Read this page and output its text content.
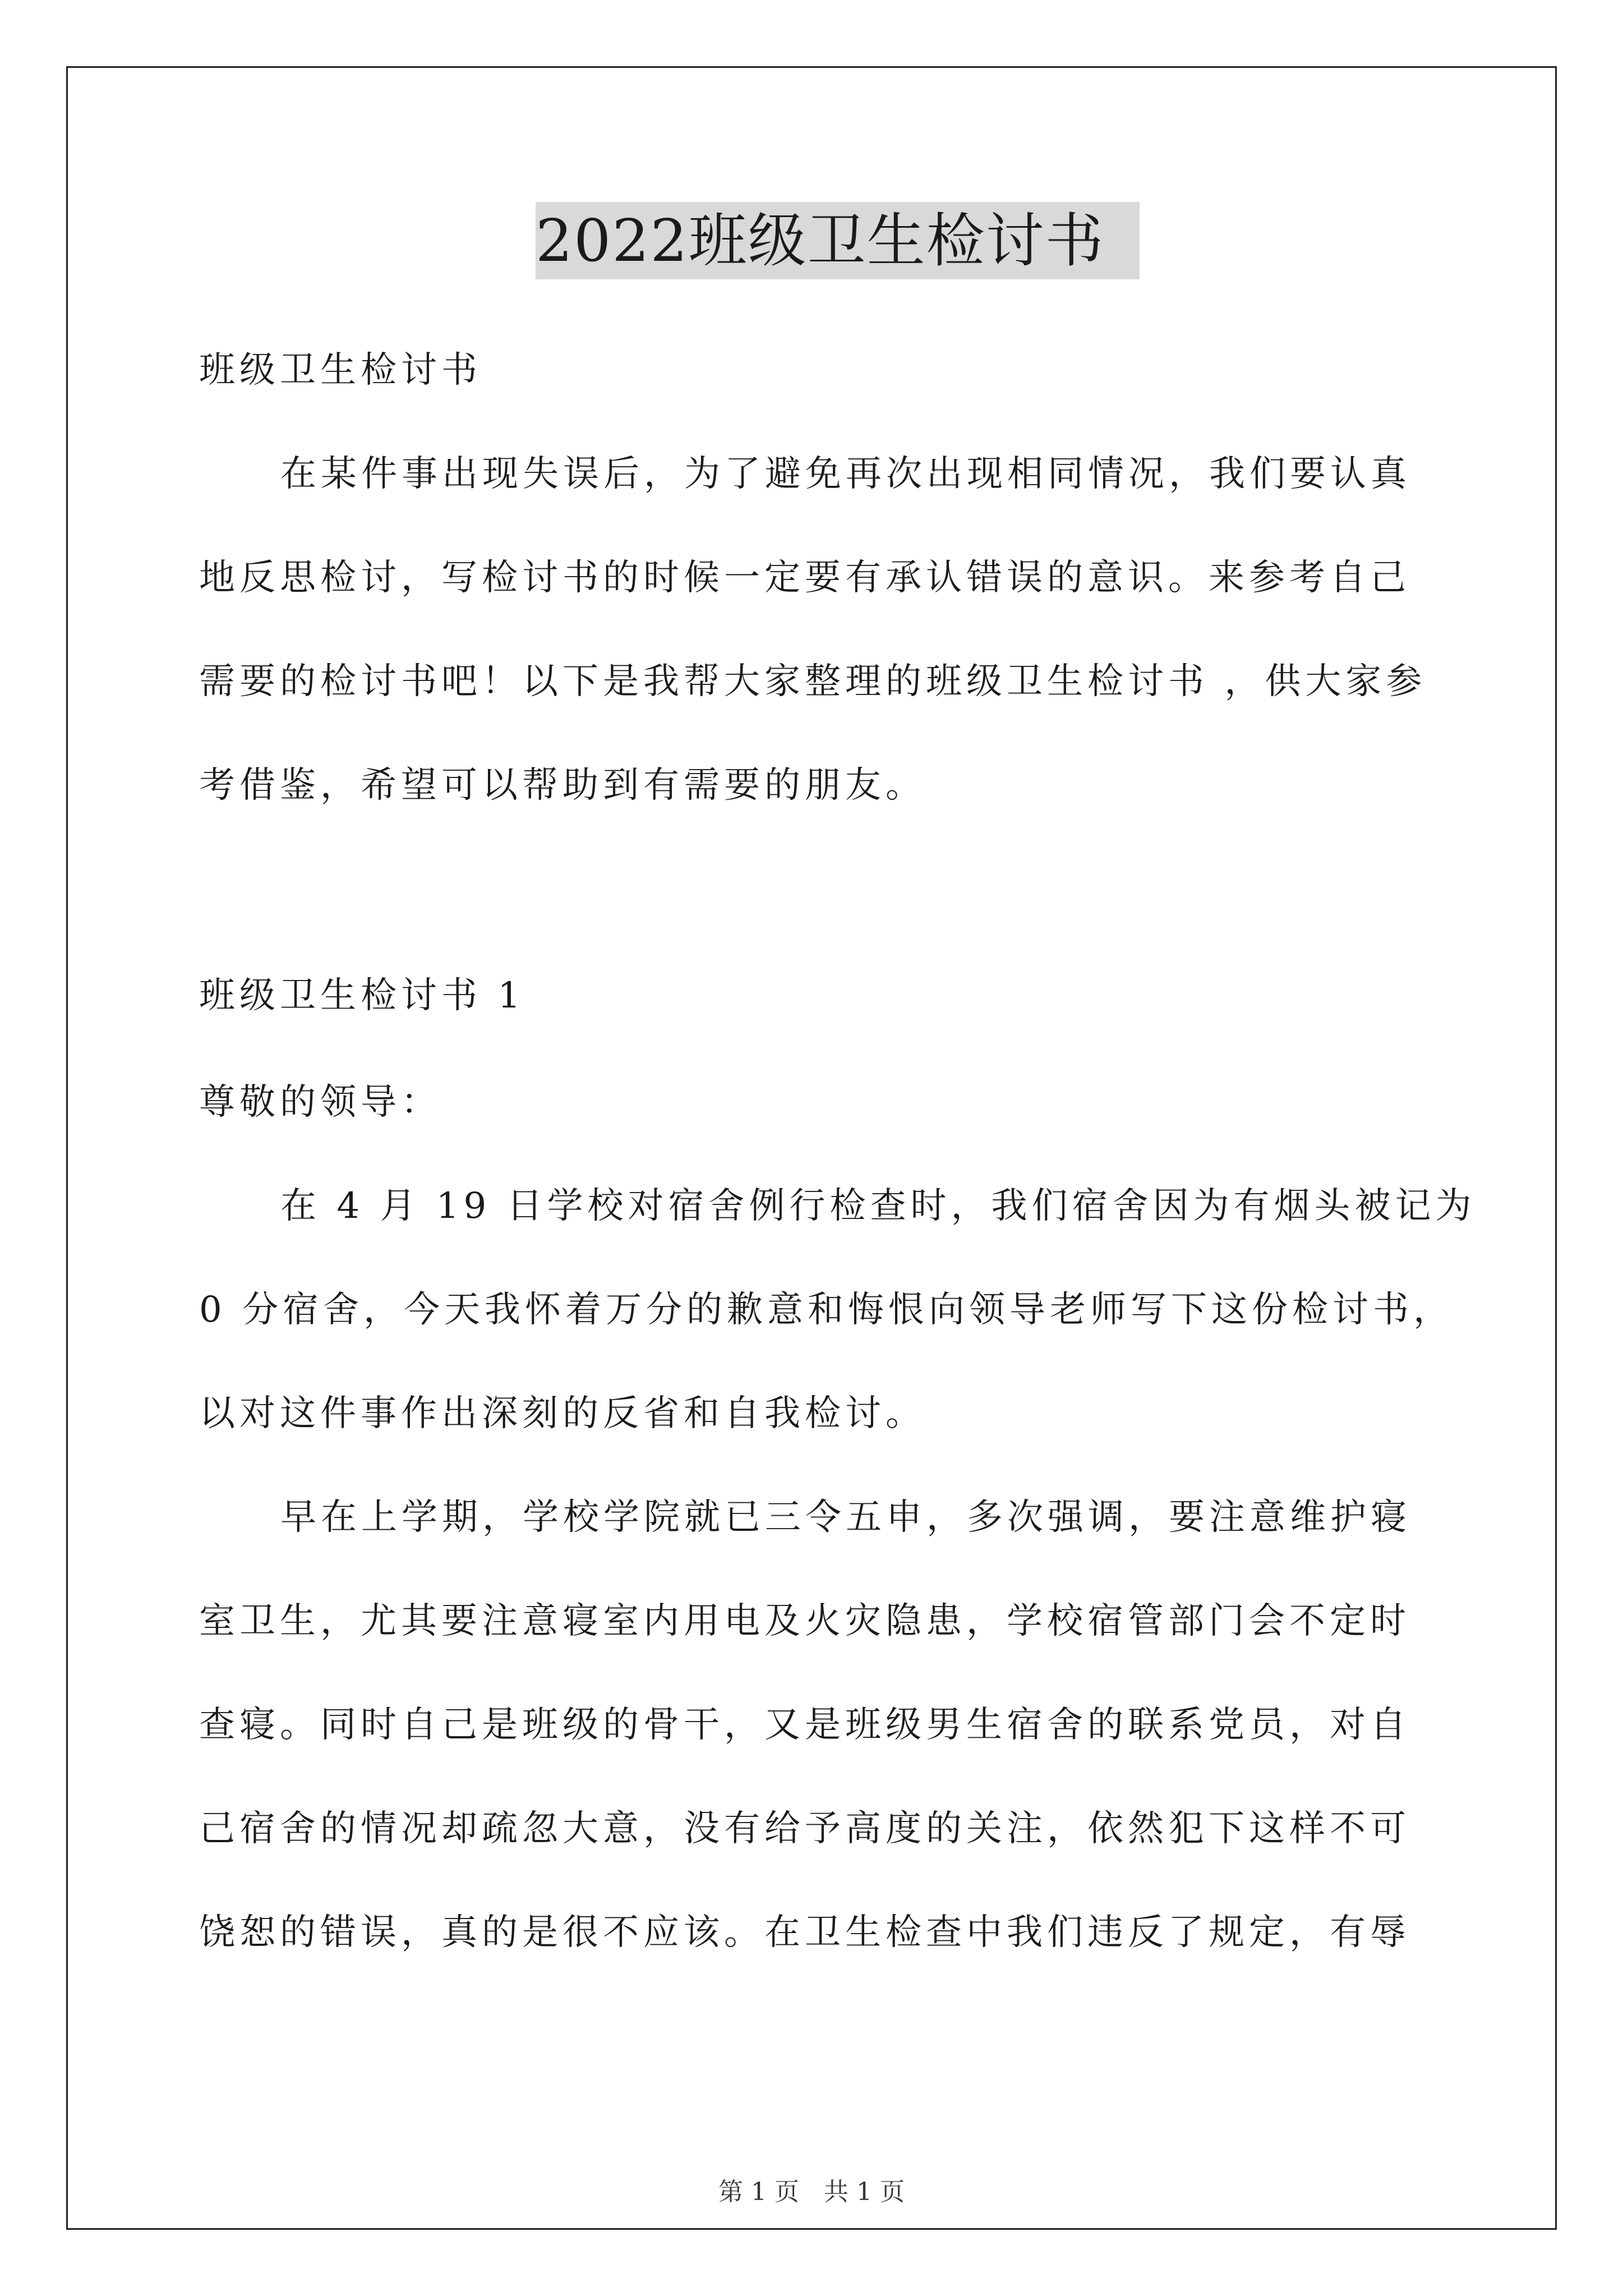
2022班级卫生检讨书
班级卫生检讨书
在某件事出现失误后，为了避免再次出现相同情况，我们要认真
地反思检讨，写检讨书的时候一定要有承认错误的意识。来参考自己
需要的检讨书吧！以下是我帮大家整理的班级卫生检讨书 ，供大家参
考借鉴，希望可以帮助到有需要的朋友。
班级卫生检讨书 1
尊敬的领导：
在 4 月 19 日学校对宿舍例行检查时，我们宿舍因为有烟头被记为
0 分宿舍，今天我怀着万分的歉意和悔恨向领导老师写下这份检讨书，
以对这件事作出深刻的反省和自我检讨。
早在上学期，学校学院就已三令五申，多次强调，要注意维护寝
室卫生，尤其要注意寝室内用电及火灾隐患，学校宿管部门会不定时
查寝。同时自己是班级的骨干，又是班级男生宿舍的联系党员，对自
己宿舍的情况却疏忽大意，没有给予高度的关注，依然犯下这样不可
饶恕的错误，真的是很不应该。在卫生检查中我们违反了规定，有辱
第 1 页　共 1 页
